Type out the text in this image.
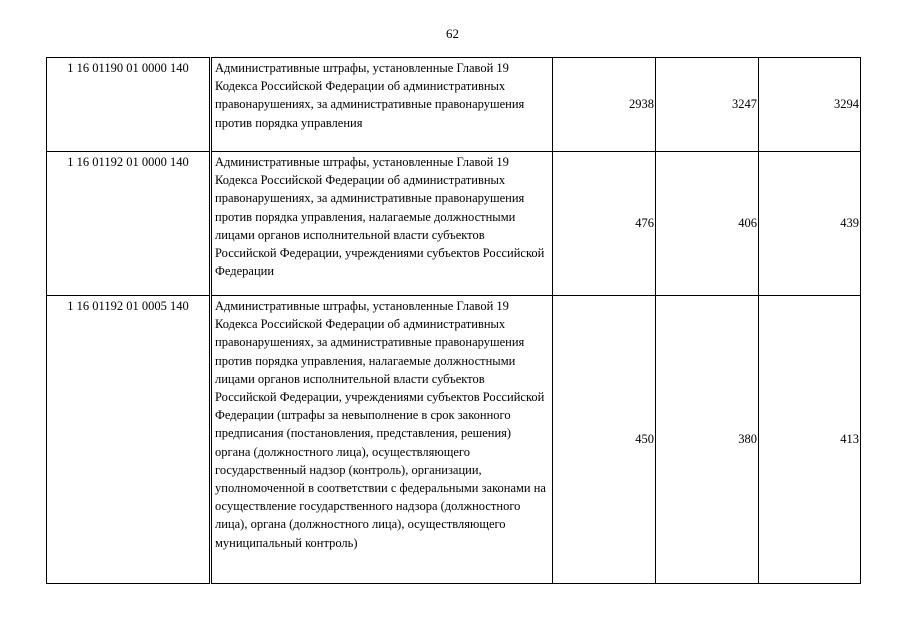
62
1 16 01190 01 0000 140	Административные штрафы, установленные Главой 19 Кодекса Российской Федерации об административных правонарушениях, за административные правонарушения против порядка управления	2938	3247	3294
1 16 01192 01 0000 140	Административные штрафы, установленные Главой 19 Кодекса Российской Федерации об административных правонарушениях, за административные правонарушения против порядка управления, налагаемые должностными лицами органов исполнительной власти субъектов Российской Федерации, учреждениями субъектов Российской Федерации	476	406	439
1 16 01192 01 0005 140	Административные штрафы, установленные Главой 19 Кодекса Российской Федерации об административных правонарушениях, за административные правонарушения против порядка управления, налагаемые должностными лицами органов исполнительной власти субъектов Российской Федерации, учреждениями субъектов Российской Федерации (штрафы за невыполнение в срок законного предписания (постановления, представления, решения) органа (должностного лица), осуществляющего государственный надзор (контроль), организации, уполномоченной в соответствии с федеральными законами на осуществление государственного надзора (должностного лица), органа (должностного лица), осуществляющего муниципальный контроль)	450	380	413
